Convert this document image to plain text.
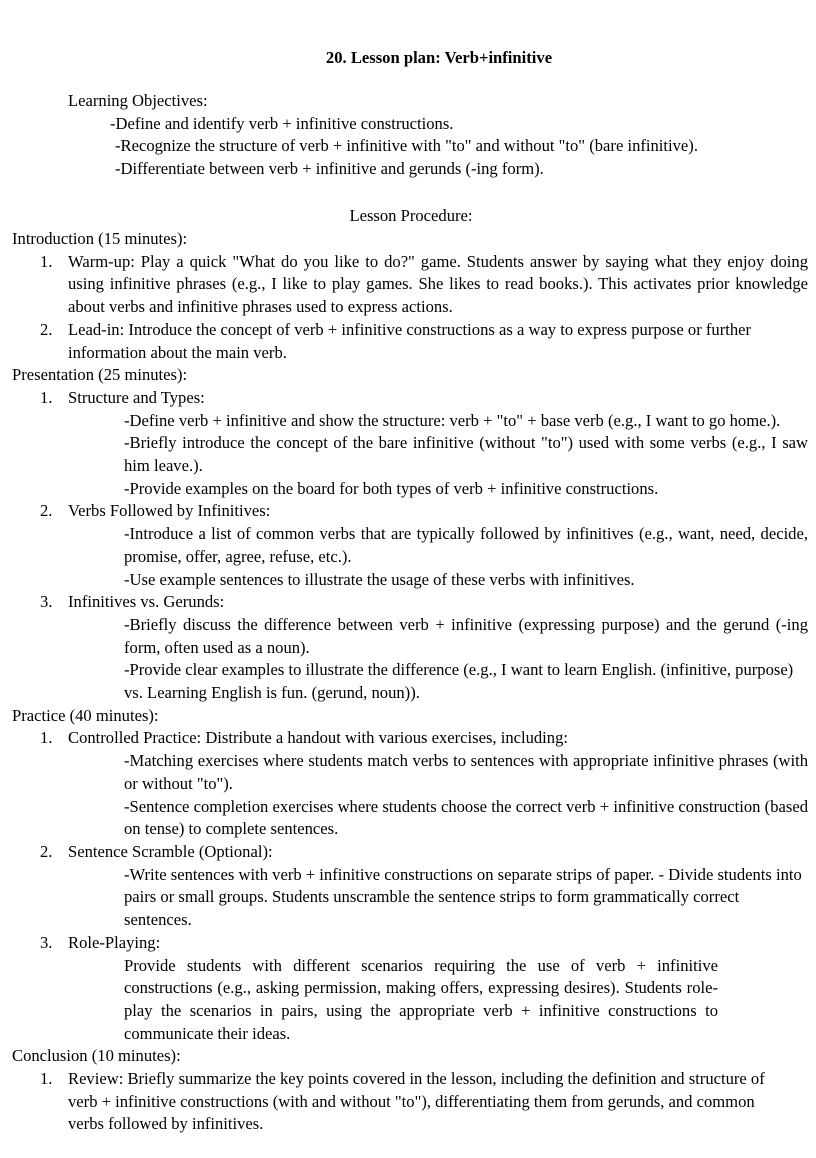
20. Lesson plan: Verb+infinitive

Learning Objectives:

-Define and identify verb + infinitive constructions.

-Recognize the structure of verb + infinitive with "to" and without "to" (bare infinitive).

-Differentiate between verb + infinitive and gerunds (-ing form).

Lesson Procedure:

Introduction (15 minutes):

1. Warm-up: Play a quick "What do you like to do?" game. Students answer by saying what they enjoy doing using infinitive phrases (e.g., I like to play games. She likes to read books.). This activates prior knowledge about verbs and infinitive phrases used to express actions.

2. Lead-in: Introduce the concept of verb + infinitive constructions as a way to express purpose or further information about the main verb.

Presentation (25 minutes):

1. Structure and Types:

-Define verb + infinitive and show the structure: verb + "to" + base verb (e.g., I want to go home.).

-Briefly introduce the concept of the bare infinitive (without "to") used with some verbs (e.g., I saw him leave.).

-Provide examples on the board for both types of verb + infinitive constructions.

2. Verbs Followed by Infinitives:

-Introduce a list of common verbs that are typically followed by infinitives (e.g., want, need, decide, promise, offer, agree, refuse, etc.).

-Use example sentences to illustrate the usage of these verbs with infinitives.

3. Infinitives vs. Gerunds:

-Briefly discuss the difference between verb + infinitive (expressing purpose) and the gerund (-ing form, often used as a noun).

-Provide clear examples to illustrate the difference (e.g., I want to learn English. (infinitive, purpose) vs. Learning English is fun. (gerund, noun)).

Practice (40 minutes):

1. Controlled Practice: Distribute a handout with various exercises, including:

-Matching exercises where students match verbs to sentences with appropriate infinitive phrases (with or without "to").

-Sentence completion exercises where students choose the correct verb + infinitive construction (based on tense) to complete sentences.

2. Sentence Scramble (Optional):

-Write sentences with verb + infinitive constructions on separate strips of paper. - Divide students into pairs or small groups. Students unscramble the sentence strips to form grammatically correct sentences.

3. Role-Playing:

Provide students with different scenarios requiring the use of verb + infinitive constructions (e.g., asking permission, making offers, expressing desires). Students role-play the scenarios in pairs, using the appropriate verb + infinitive constructions to communicate their ideas.

Conclusion (10 minutes):

1. Review: Briefly summarize the key points covered in the lesson, including the definition and structure of verb + infinitive constructions (with and without "to"), differentiating them from gerunds, and common verbs followed by infinitives.
